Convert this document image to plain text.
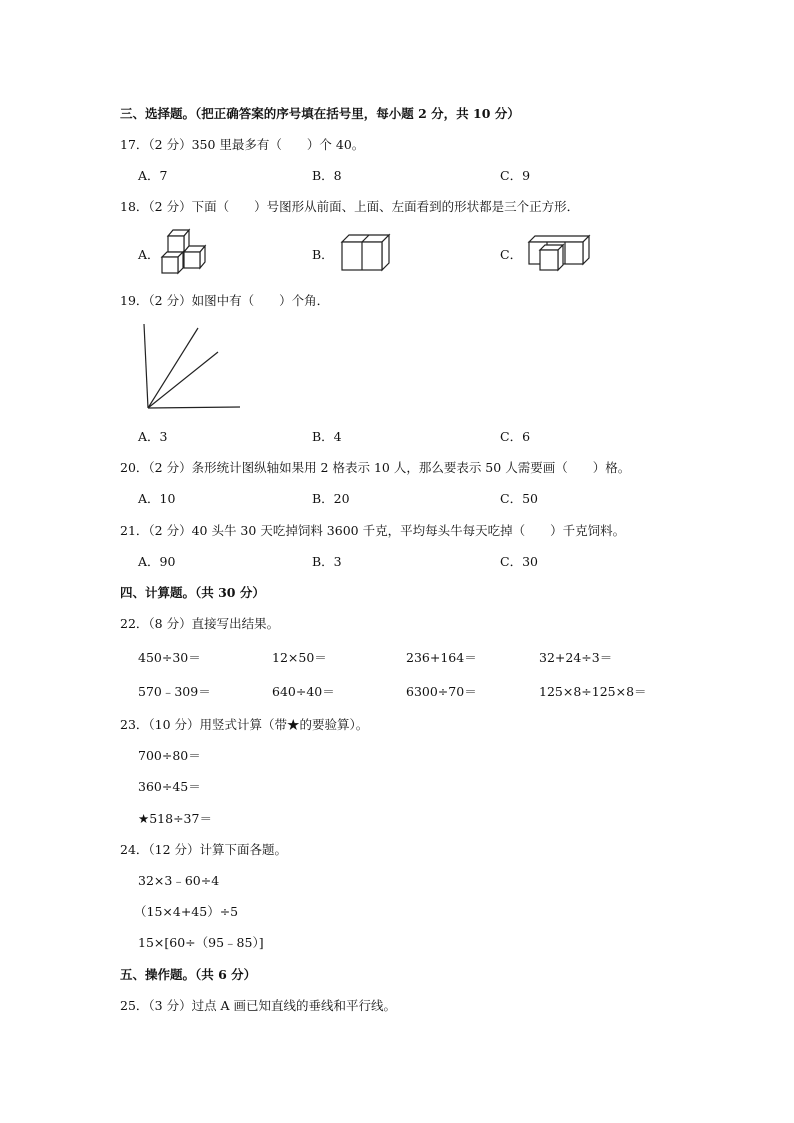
三、选择题。（把正确答案的序号填在括号里，每小题 2 分，共 10 分）
17．（2 分）350 里最多有（　　）个 40。
A．7	B．8	C．9
18．（2 分）下面（　　）号图形从前面、上面、左面看到的形状都是三个正方形．
A．	B．	C．
19．（2 分）如图中有（　　）个角．
A．3	B．4	C．6
20．（2 分）条形统计图纵轴如果用 2 格表示 10 人，那么要表示 50 人需要画（　　）格。
A．10	B．20	C．50
21．（2 分）40 头牛 30 天吃掉饲料 3600 千克，平均每头牛每天吃掉（　　）千克饲料。
A．90	B．3	C．30
四、计算题。（共 30 分）
22．（8 分）直接写出结果。
450÷30＝	12×50＝	236+164＝	32+24÷3＝
570﹣309＝	640÷40＝	6300÷70＝	125×8÷125×8＝
23．（10 分）用竖式计算（带★的要验算）。
700÷80＝
360÷45＝
★518÷37＝
24．（12 分）计算下面各题。
32×3﹣60÷4
（15×4+45）÷5
15×[60÷（95﹣85）]
五、操作题。（共 6 分）
25．（3 分）过点 A 画已知直线的垂线和平行线。
